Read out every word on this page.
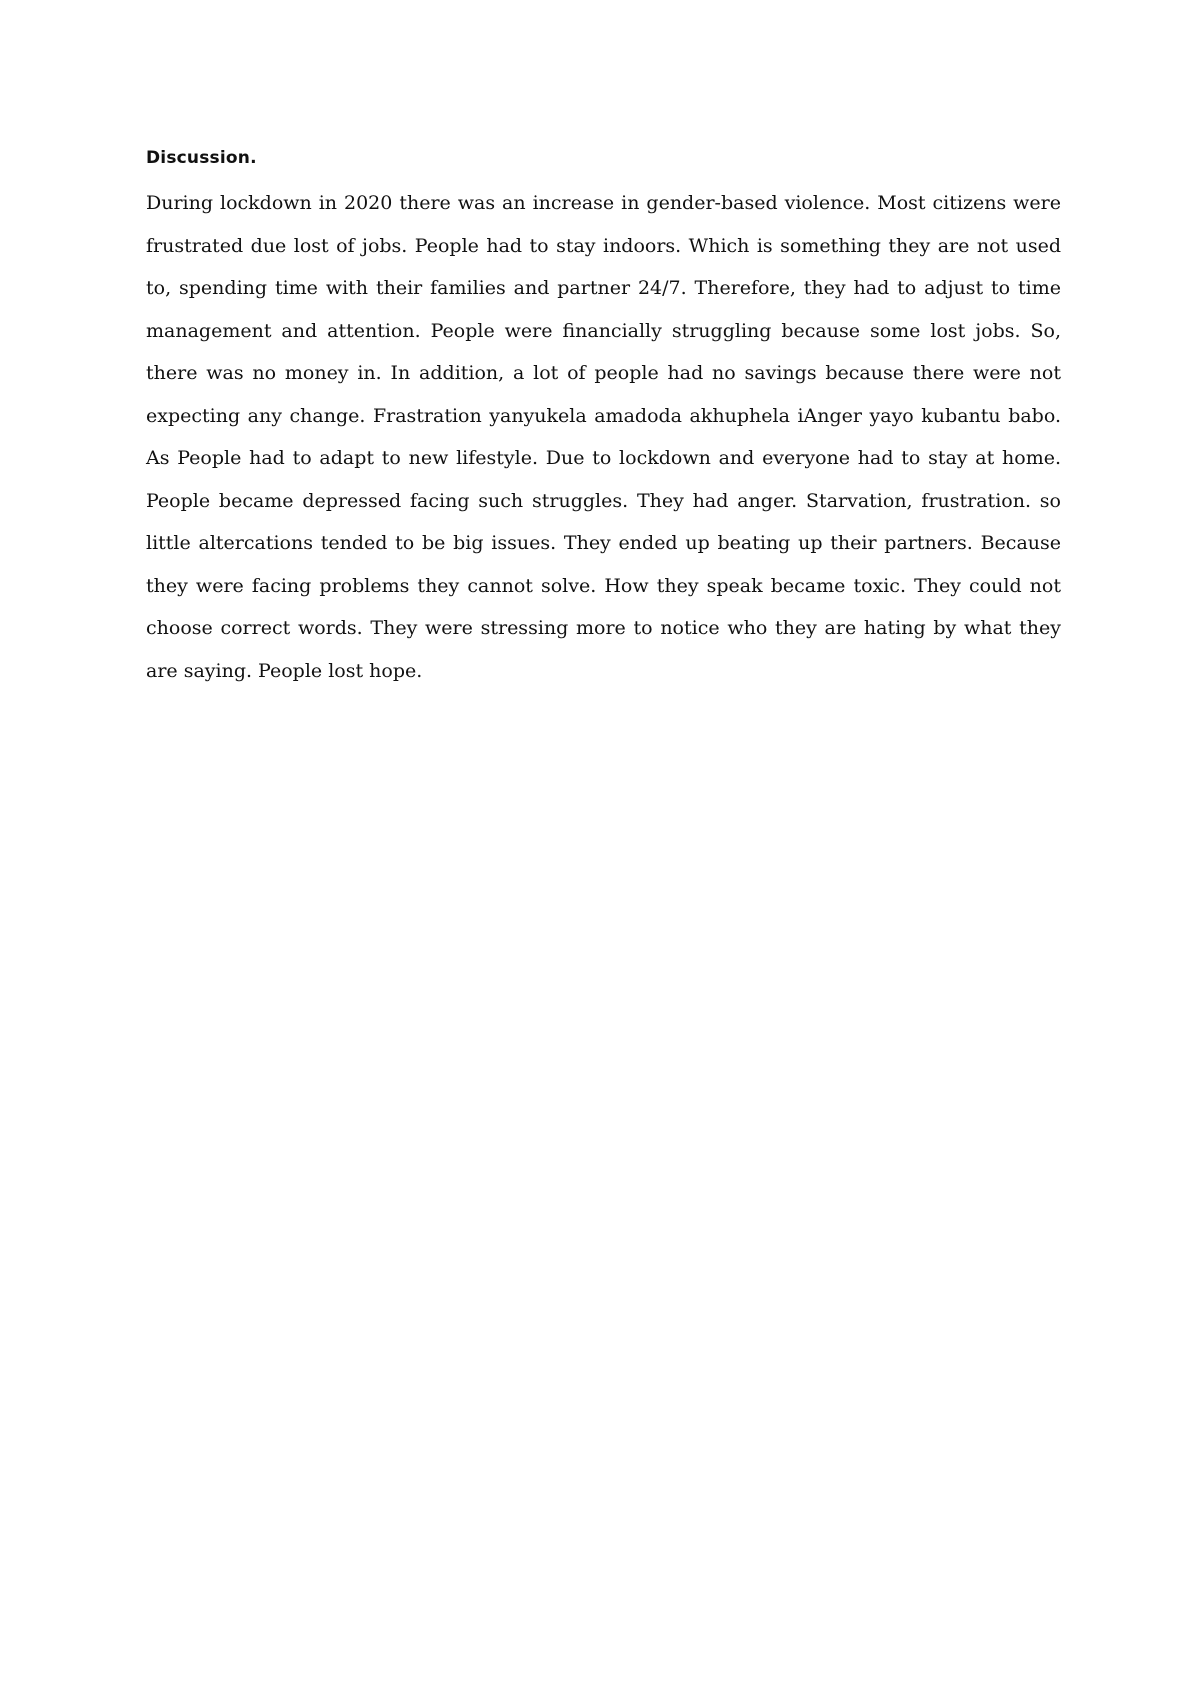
Discussion.

During lockdown in 2020 there was an increase in gender-based violence. Most citizens were frustrated due lost of jobs. People had to stay indoors. Which is something they are not used to, spending time with their families and partner 24/7. Therefore, they had to adjust to time management and attention. People were financially struggling because some lost jobs. So, there was no money in. In addition, a lot of people had no savings because there were not expecting any change. Frastration yanyukela amadoda akhuphela iAnger yayo kubantu babo. As People had to adapt to new lifestyle. Due to lockdown and everyone had to stay at home. People became depressed facing such struggles. They had anger. Starvation, frustration. so little altercations tended to be big issues. They ended up beating up their partners. Because they were facing problems they cannot solve. How they speak became toxic. They could not choose correct words. They were stressing more to notice who they are hating by what they are saying. People lost hope.
